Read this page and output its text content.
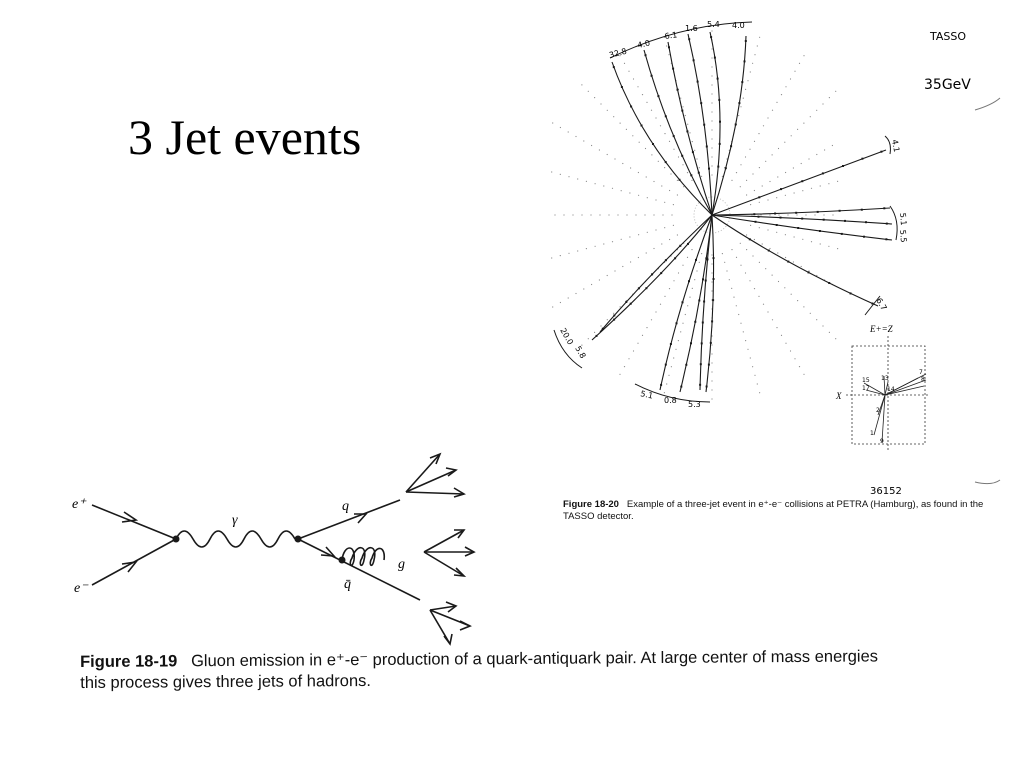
3 Jet events
TASSO
35GeV
32.8
4.0
6.1
1.6 5.4 4.0
4.1
5.1
5.5
6.7
5.1 0.8 5.3
20.0
5.8
E+=Z
X
15
17
13
14
7
8
2
1
9
36152
e⁺
e⁻
γ
q
q̄
g
Figure 18-20 Example of a three-jet event in e⁺-e⁻ collisions at PETRA (Hamburg), as found in the TASSO detector.
Figure 18-19 Gluon emission in e⁺-e⁻ production of a quark-antiquark pair. At large center of mass energies this process gives three jets of hadrons.
